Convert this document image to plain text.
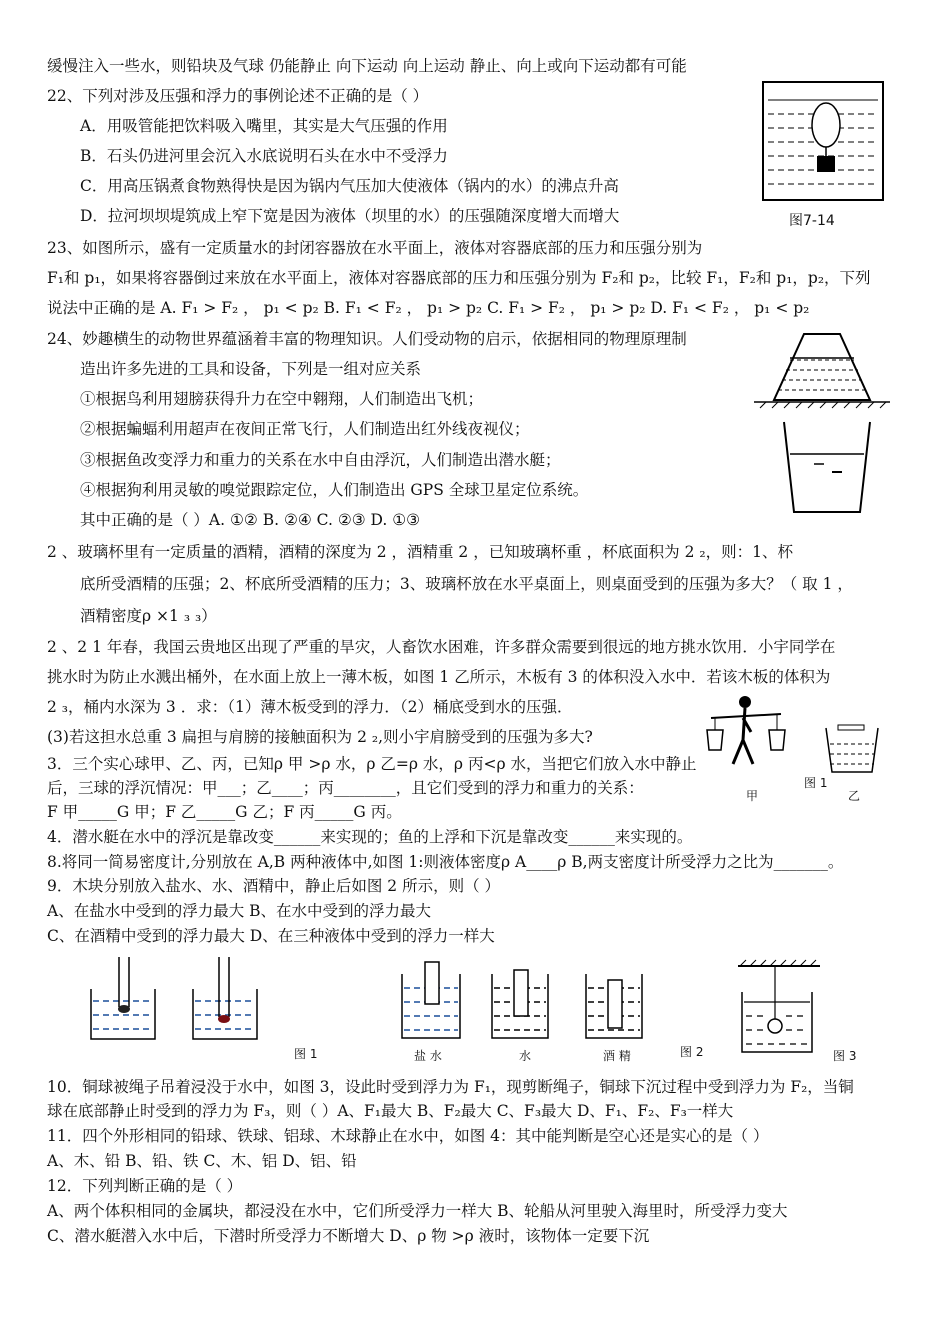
缓慢注入一些水，则铅块及气球 仍能静止 向下运动 向上运动 静止、向上或向下运动都有可能
22、下列对涉及压强和浮力的事例论述不正确的是（ ）
A．用吸管能把饮料吸入嘴里，其实是大气压强的作用
B．石头仍进河里会沉入水底说明石头在水中不受浮力
C．用高压锅煮食物熟得快是因为锅内气压加大使液体（锅内的水）的沸点升高
D．拉河坝坝堤筑成上窄下宽是因为液体（坝里的水）的压强随深度增大而增大
23、如图所示，盛有一定质量水的封闭容器放在水平面上，液体对容器底部的压力和压强分别为
F₁和 p₁，如果将容器倒过来放在水平面上，液体对容器底部的压力和压强分别为 F₂和 p₂，比较 F₁，F₂和 p₁，p₂，下列
说法中正确的是 A. F₁ > F₂ ， p₁ < p₂ B. F₁ < F₂ ， p₁ > p₂ C. F₁ > F₂ ， p₁ > p₂ D. F₁ < F₂ ， p₁ < p₂
24、妙趣横生的动物世界蕴涵着丰富的物理知识。人们受动物的启示，依据相同的物理原理制
造出许多先进的工具和设备，下列是一组对应关系
①根据鸟利用翅膀获得升力在空中翱翔，人们制造出飞机；
②根据蝙蝠利用超声在夜间正常飞行，人们制造出红外线夜视仪；
③根据鱼改变浮力和重力的关系在水中自由浮沉，人们制造出潜水艇；
④根据狗利用灵敏的嗅觉跟踪定位，人们制造出 GPS 全球卫星定位系统。
其中正确的是（ ）A. ①② B. ②④ C. ②③ D. ①③
2 、玻璃杯里有一定质量的酒精，酒精的深度为 2 ，酒精重 2 ，已知玻璃杯重 ，杯底面积为 2 ₂，则：1、杯
底所受酒精的压强；2、杯底所受酒精的压力；3、玻璃杯放在水平桌面上，则桌面受到的压强为多大？（ 取 1 ，
酒精密度ρ ×1 ₃ ₃）
2 、2 1 年春，我国云贵地区出现了严重的旱灾，人畜饮水困难，许多群众需要到很远的地方挑水饮用．小宇同学在
挑水时为防止水溅出桶外，在水面上放上一薄木板，如图 1 乙所示，木板有 3 的体积没入水中．若该木板的体积为
2 ₃，桶内水深为 3 ．求：（1）薄木板受到的浮力．（2）桶底受到水的压强．
(3)若这担水总重 3 扁担与肩膀的接触面积为 2 ₂,则小宇肩膀受到的压强为多大?
3．三个实心球甲、乙、丙，已知ρ 甲 >ρ 水，ρ 乙=ρ 水，ρ 丙<ρ 水，当把它们放入水中静止
后，三球的浮沉情况：甲___；乙____；丙________，且它们受到的浮力和重力的关系：
F 甲_____G 甲；F 乙_____G 乙；F 丙_____G 丙。
4．潜水艇在水中的浮沉是靠改变______来实现的；鱼的上浮和下沉是靠改变______来实现的。
8.将同一简易密度计,分别放在 A,B 两种液体中,如图 1:则液体密度ρ A____ρ B,两支密度计所受浮力之比为_______。
9．木块分别放入盐水、水、酒精中，静止后如图 2 所示，则（ ）
A、在盐水中受到的浮力最大 B、在水中受到的浮力最大
C、在酒精中受到的浮力最大 D、在三种液体中受到的浮力一样大
10．铜球被绳子吊着浸没于水中，如图 3，设此时受到浮力为 F₁，现剪断绳子，铜球下沉过程中受到浮力为 F₂，当铜
球在底部静止时受到的浮力为 F₃，则（ ）A、F₁最大 B、F₂最大 C、F₃最大 D、F₁、F₂、F₃一样大
11．四个外形相同的铅球、铁球、铝球、木球静止在水中，如图 4：其中能判断是空心还是实心的是（ ）
A、木、铅 B、铅、铁 C、木、铝 D、铝、铅
12．下列判断正确的是（ ）
A、两个体积相同的金属块，都浸没在水中，它们所受浮力一样大 B、轮船从河里驶入海里时，所受浮力变大
C、潜水艇潜入水中后，下潜时所受浮力不断增大 D、ρ 物 >ρ 液时，该物体一定要下沉
图7-14
甲
图 1
乙
图 1	盐 水	水	酒 精	图 2	图 3
